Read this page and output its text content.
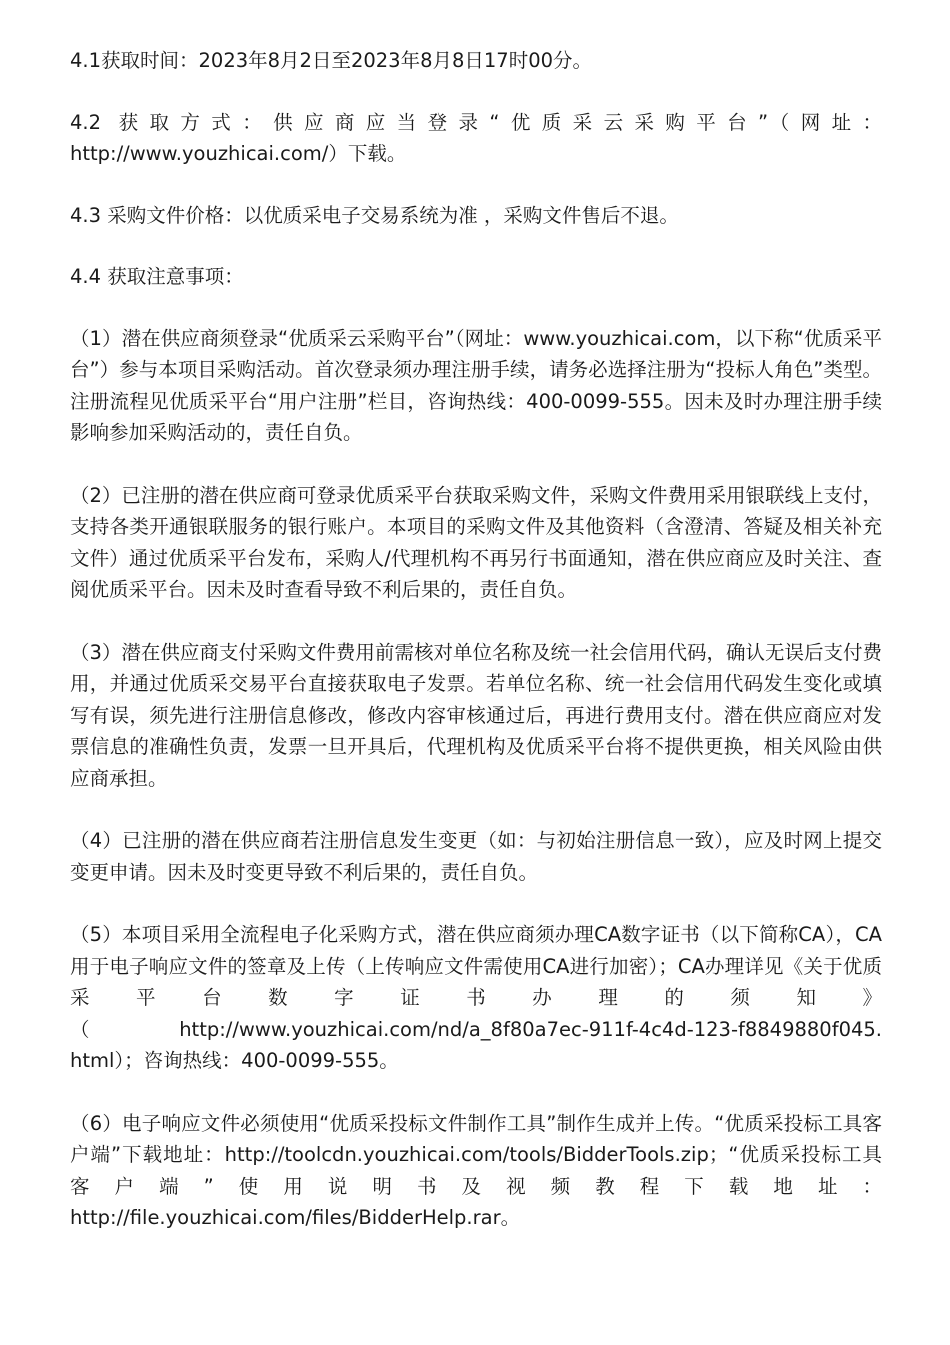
4.1获取时间：2023年8月2日至2023年8月8日17时00分。

4.2 获取方式：供应商应当登录“优质采云采购平台”（网址：

http://www.youzhicai.com/）下载。

4.3 采购文件价格：以优质采电子交易系统为准 ，采购文件售后不退。

4.4 获取注意事项：

（1）潜在供应商须登录“优质采云采购平台”（网址：www.youzhicai.com，以下称“优质采平台”）参与本项目采购活动。首次登录须办理注册手续，请务必选择注册为“投标人角色”类型。注册流程见优质采平台“用户注册”栏目，咨询热线：400-0099-555。因未及时办理注册手续影响参加采购活动的，责任自负。

（2）已注册的潜在供应商可登录优质采平台获取采购文件，采购文件费用采用银联线上支付，支持各类开通银联服务的银行账户。本项目的采购文件及其他资料（含澄清、答疑及相关补充文件）通过优质采平台发布，采购人/代理机构不再另行书面通知，潜在供应商应及时关注、查阅优质采平台。因未及时查看导致不利后果的，责任自负。

（3）潜在供应商支付采购文件费用前需核对单位名称及统一社会信用代码，确认无误后支付费用，并通过优质采交易平台直接获取电子发票。若单位名称、统一社会信用代码发生变化或填写有误，须先进行注册信息修改，修改内容审核通过后，再进行费用支付。潜在供应商应对发票信息的准确性负责，发票一旦开具后，代理机构及优质采平台将不提供更换，相关风险由供应商承担。

（4）已注册的潜在供应商若注册信息发生变更（如：与初始注册信息一致），应及时网上提交变更申请。因未及时变更导致不利后果的，责任自负。

（5）本项目采用全流程电子化采购方式，潜在供应商须办理CA数字证书（以下简称CA），CA用于电子响应文件的签章及上传（上传响应文件需使用CA进行加密）；CA办理详见《关于优质采平台数字证书办理的须知》

（ http://www.youzhicai.com/nd/a_8f80a7ec-911f-4c4d-123-f8849880f045.

html）；咨询热线：400-0099-555。

（6）电子响应文件必须使用“优质采投标文件制作工具”制作生成并上传。“优质采投标工具客户端”下载地址：http://toolcdn.youzhicai.com/tools/BidderTools.zip；“优质采投标工具客户端”使用说明书及视频教程下载地址：

http://file.youzhicai.com/files/BidderHelp.rar。
